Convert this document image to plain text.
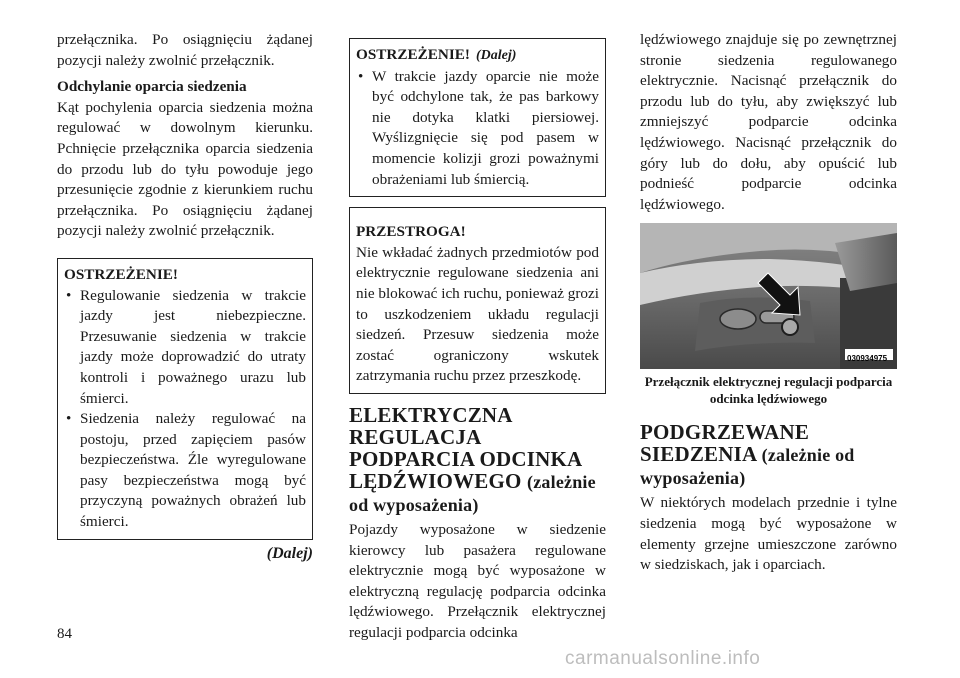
przełącznika. Po osiągnięciu żądanej pozycji należy zwolnić przełącznik.

Odchylanie oparcia siedzenia

Kąt pochylenia oparcia siedzenia można regulować w dowolnym kierunku. Pchnięcie przełącznika oparcia siedzenia do przodu lub do tyłu powoduje jego przesunięcie zgodnie z kierunkiem ruchu przełącznika. Po osiągnięciu żądanej pozycji należy zwolnić przełącznik.

OSTRZEŻENIE!
• Regulowanie siedzenia w trakcie jazdy jest niebezpieczne. Przesuwanie siedzenia w trakcie jazdy może doprowadzić do utraty kontroli i poważnego urazu lub śmierci.
• Siedzenia należy regulować na postoju, przed zapięciem pasów bezpieczeństwa. Źle wyregulowane pasy bezpieczeństwa mogą być przyczyną poważnych obrażeń lub śmierci.
(Dalej)
OSTRZEŻENIE! (Dalej)
• W trakcie jazdy oparcie nie może być odchylone tak, że pas barkowy nie dotyka klatki piersiowej. Wyślizgnięcie się pod pasem w momencie kolizji grozi poważnymi obrażeniami lub śmiercią.
PRZESTROGA!

Nie wkładać żadnych przedmiotów pod elektrycznie regulowane siedzenia ani nie blokować ich ruchu, ponieważ grozi to uszkodzeniem układu regulacji siedzeń. Przesuw siedzenia może zostać ograniczony wskutek zatrzymania ruchu przez przeszkodę.

ELEKTRYCZNA REGULACJA PODPARCIA ODCINKA LĘDŹWIOWEGO (zależnie od wyposażenia)

Pojazdy wyposażone w siedzenie kierowcy lub pasażera regulowane elektrycznie mogą być wyposażone w elektryczną regulację podparcia odcinka lędźwiowego. Przełącznik elektrycznej regulacji podparcia odcinka

lędźwiowego znajduje się po zewnętrznej stronie siedzenia regulowanego elektrycznie. Nacisnąć przełącznik do przodu lub do tyłu, aby zwiększyć lub zmniejszyć podparcie odcinka lędźwiowego. Nacisnąć przełącznik do góry lub do dołu, aby opuścić lub podnieść podparcie odcinka lędźwiowego.

030934975
Przełącznik elektrycznej regulacji podparcia odcinka lędźwiowego
PODGRZEWANE SIEDZENIA (zależnie od wyposażenia)

W niektórych modelach przednie i tylne siedzenia mogą być wyposażone w elementy grzejne umieszczone zarówno w siedziskach, jak i oparciach.

84
carmanualsonline.info
